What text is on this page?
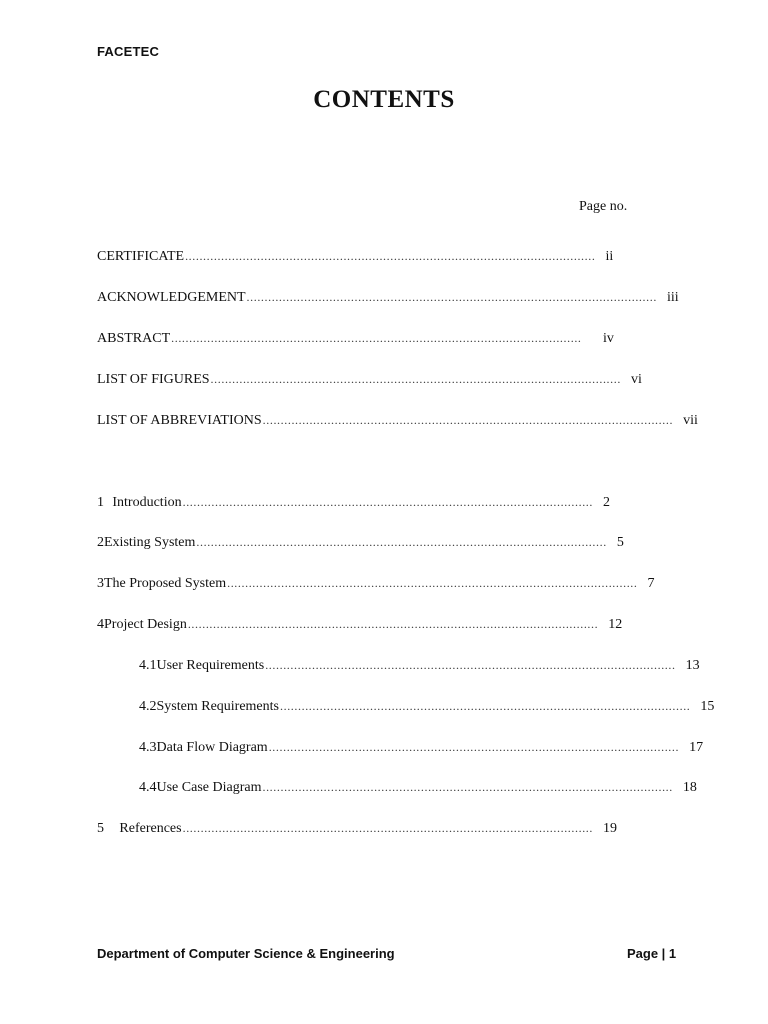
FACETEC
CONTENTS
Page no.
CERTIFICATE .................................................................................................................. ii
ACKNOWLEDGEMENT .................................................................................................................. iii
ABSTRACT ..................................................................................................................	iv
LIST OF FIGURES .................................................................................................................. vi
LIST OF ABBREVIATIONS .................................................................................................................. vii
1 Introduction .................................................................................................................. 2
2 Existing System .................................................................................................................. 5
3 The Proposed System .................................................................................................................. 7
4 Project Design .................................................................................................................. 12
4.1 User Requirements .................................................................................................................. 13
4.2 System Requirements .................................................................................................................. 15
4.3 Data Flow Diagram .................................................................................................................. 17
4.4 Use Case Diagram .................................................................................................................. 18
5	References .................................................................................................................. 19
Department of Computer Science & Engineering	Page | 1
